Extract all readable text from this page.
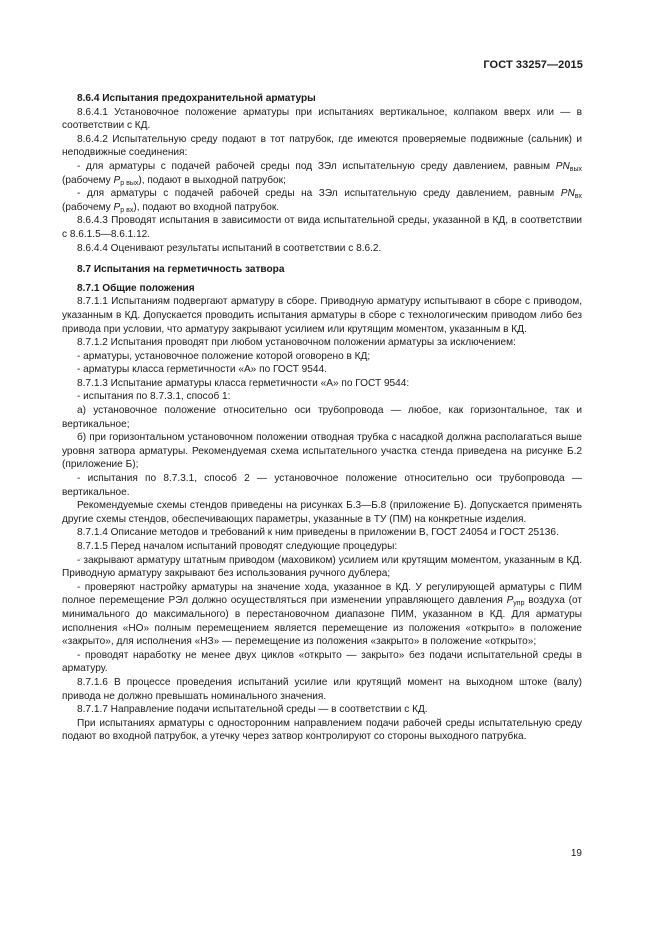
ГОСТ 33257—2015

8.6.4 Испытания предохранительной арматуры

8.6.4.1 Установочное положение арматуры при испытаниях вертикальное, колпаком вверх или — в соответствии с КД.

8.6.4.2 Испытательную среду подают в тот патрубок, где имеются проверяемые подвижные (сальник) и неподвижные соединения:

- для арматуры с подачей рабочей среды под ЗЭл испытательную среду давлением, равным $PN_{вых}$ (рабочему $P_{р вых}$), подают в выходной патрубок;

- для арматуры с подачей рабочей среды на ЗЭл испытательную среду давлением, равным $PN_{вх}$ (рабочему $P_{р вх}$), подают во входной патрубок.

8.6.4.3 Проводят испытания в зависимости от вида испытательной среды, указанной в КД, в соответствии с 8.6.1.5—8.6.1.12.

8.6.4.4 Оценивают результаты испытаний в соответствии с 8.6.2.

8.7 Испытания на герметичность затвора

8.7.1 Общие положения

8.7.1.1 Испытаниям подвергают арматуру в сборе. Приводную арматуру испытывают в сборе с приводом, указанным в КД. Допускается проводить испытания арматуры в сборе с технологическим приводом либо без привода при условии, что арматуру закрывают усилием или крутящим моментом, указанным в КД.

8.7.1.2 Испытания проводят при любом установочном положении арматуры за исключением:

- арматуры, установочное положение которой оговорено в КД;

- арматуры класса герметичности «А» по ГОСТ 9544.

8.7.1.3 Испытание арматуры класса герметичности «А» по ГОСТ 9544:

- испытания по 8.7.3.1, способ 1:

а) установочное положение относительно оси трубопровода — любое, как горизонтальное, так и вертикальное;

б) при горизонтальном установочном положении отводная трубка с насадкой должна располагаться выше уровня затвора арматуры. Рекомендуемая схема испытательного участка стенда приведена на рисунке Б.2 (приложение Б);

- испытания по 8.7.3.1, способ 2 — установочное положение относительно оси трубопровода — вертикальное.

Рекомендуемые схемы стендов приведены на рисунках Б.3—Б.8 (приложение Б). Допускается применять другие схемы стендов, обеспечивающих параметры, указанные в ТУ (ПМ) на конкретные изделия.

8.7.1.4 Описание методов и требований к ним приведены в приложении В, ГОСТ 24054 и ГОСТ 25136.

8.7.1.5 Перед началом испытаний проводят следующие процедуры:

- закрывают арматуру штатным приводом (маховиком) усилием или крутящим моментом, указанным в КД. Приводную арматуру закрывают без использования ручного дублера;

- проверяют настройку арматуры на значение хода, указанное в КД. У регулирующей арматуры с ПИМ полное перемещение РЭл должно осуществляться при изменении управляющего давления $P_{упр}$ воздуха (от минимального до максимального) в перестановочном диапазоне ПИМ, указанном в КД. Для арматуры исполнения «НО» полным перемещением является перемещение из положения «открыто» в положение «закрыто», для исполнения «НЗ» — перемещение из положения «закрыто» в положение «открыто»;

- проводят наработку не менее двух циклов «открыто — закрыто» без подачи испытательной среды в арматуру.

8.7.1.6 В процессе проведения испытаний усилие или крутящий момент на выходном штоке (валу) привода не должно превышать номинального значения.

8.7.1.7 Направление подачи испытательной среды — в соответствии с КД.

При испытаниях арматуры с односторонним направлением подачи рабочей среды испытательную среду подают во входной патрубок, а утечку через затвор контролируют со стороны выходного патрубка.

19
